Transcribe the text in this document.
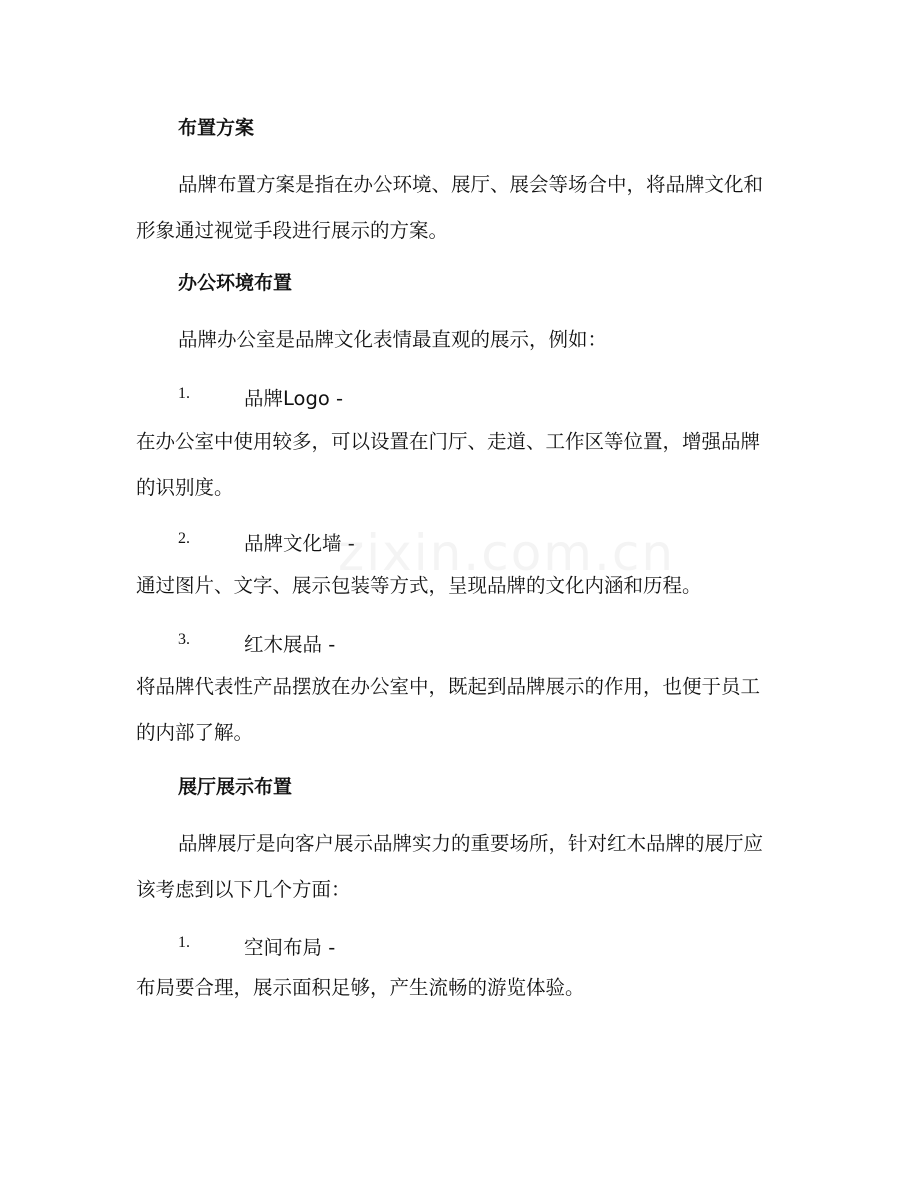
布置方案
品牌布置方案是指在办公环境、展厅、展会等场合中，将品牌文化和形象通过视觉手段进行展示的方案。
办公环境布置
品牌办公室是品牌文化表情最直观的展示，例如：
1.	品牌Logo -
在办公室中使用较多，可以设置在门厅、走道、工作区等位置，增强品牌的识别度。
2.	品牌文化墙 -
通过图片、文字、展示包装等方式，呈现品牌的文化内涵和历程。
3.	红木展品 -
将品牌代表性产品摆放在办公室中，既起到品牌展示的作用，也便于员工的内部了解。
展厅展示布置
品牌展厅是向客户展示品牌实力的重要场所，针对红木品牌的展厅应该考虑到以下几个方面：
1.	空间布局 -
布局要合理，展示面积足够，产生流畅的游览体验。
zixin.com.cn
